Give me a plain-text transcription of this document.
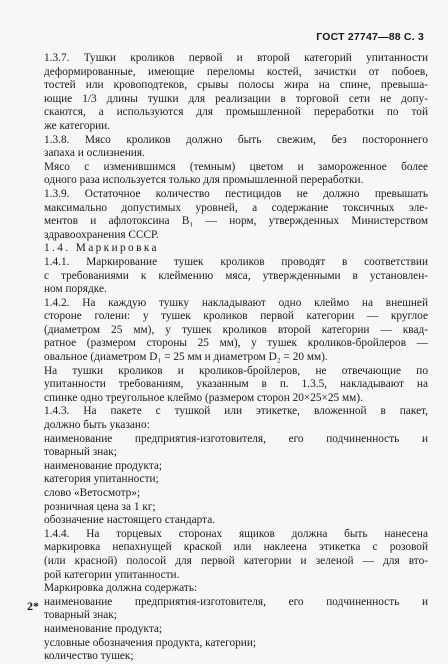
ГОСТ 27747—88 С. 3

1.3.7. Тушки кроликов первой и второй категорий упитанности
деформированные, имеющие переломы костей, зачистки от побоев,
тостей или кровоподтеков, срывы полосы жира на спине, превыша-
ющие 1/3 длины тушки для реализации в торговой сети не допу-
скаются, а используются для промышленной переработки по той
же категории.

1.3.8. Мясо кроликов должно быть свежим, без постороннего
запаха и ослизнения.

Мясо с изменившимся (темным) цветом и замороженное более
одного раза используется только для промышленной переработки.

1.3.9. Остаточное количество пестицидов не должно превышать
максимально допустимых уровней, а содержание токсичных эле-
ментов и афлотоксина В₁ — норм, утвержденных Министерством
здравоохранения СССР.

1.4. Маркировка

1.4.1. Маркирование тушек кроликов проводят в соответствии
с требованиями к клеймению мяса, утвержденными в установлен-
ном порядке.

1.4.2. На каждую тушку накладывают одно клеймо на внешней
стороне голени: у тушек кроликов первой категории — круглое
(диаметром 25 мм), у тушек кроликов второй категории — квад-
ратное (размером стороны 25 мм), у тушек кроликов-бройлеров —
овальное (диаметром D₁ = 25 мм и диаметром D₂ = 20 мм).

На тушки кроликов и кроликов-бройлеров, не отвечающие по
упитанности требованиям, указанным в п. 1.3.5, накладывают на
спинке одно треугольное клеймо (размером сторон 20×25×25 мм).

1.4.3. На пакете с тушкой или этикетке, вложенной в пакет,
должно быть указано:

наименование предприятия-изготовителя, его подчиненность и
товарный знак;

наименование продукта;

категория упитанности;

слово «Ветосмотр»;

розничная цена за 1 кг;

обозначение настоящего стандарта.

1.4.4. На торцевых сторонах ящиков должна быть нанесена
маркировка непахнущей краской или наклеена этикетка с розовой
(или красной) полосой для первой категории и зеленой — для вто-
рой категории упитанности.

Маркировка должна содержать:

наименование предприятия-изготовителя, его подчиненность и
товарный знак;

наименование продукта;

условные обозначения продукта, категории;

количество тушек;

2*
